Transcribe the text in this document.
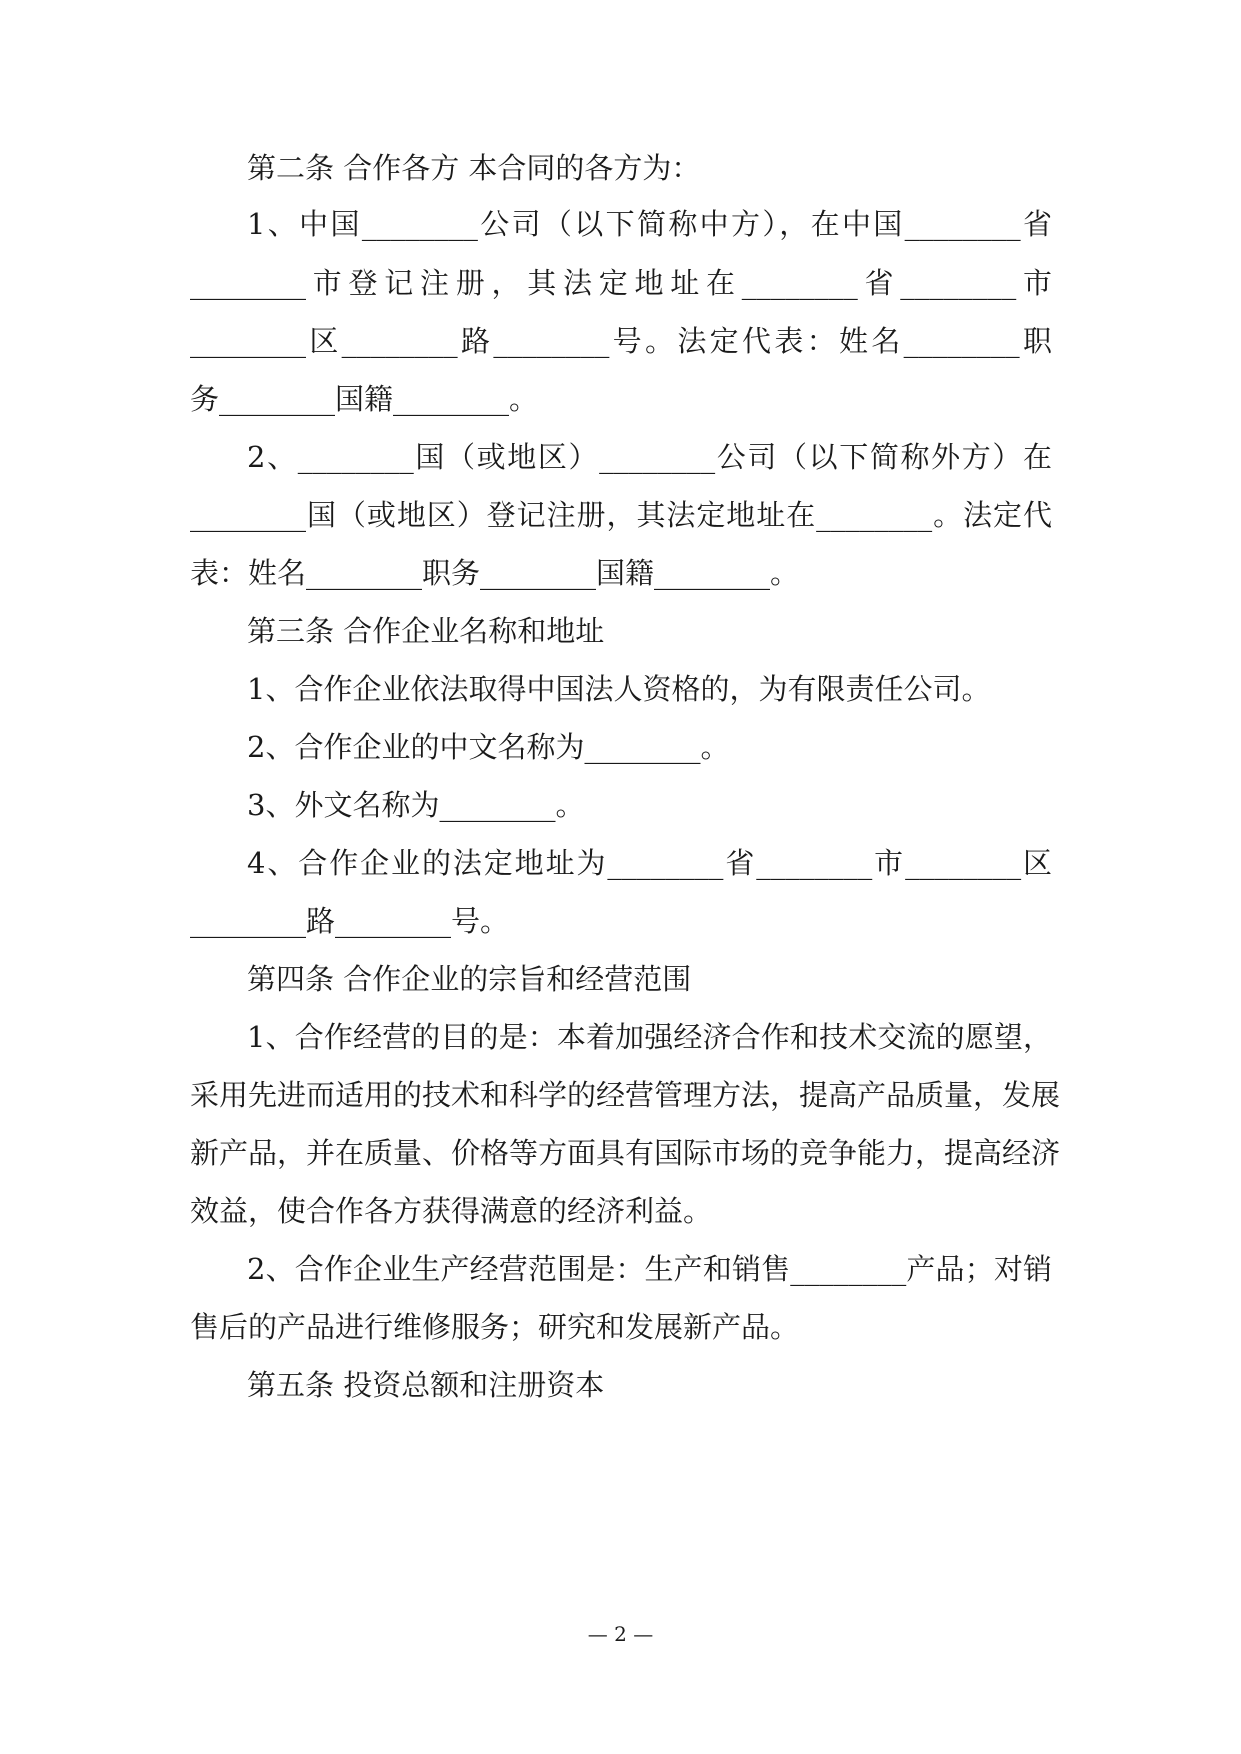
第二条 合作各方 本合同的各方为：
1、中国________公司（以下简称中方），在中国________省
________市登记注册，其法定地址在________省________市
________区________路________号。法定代表：姓名________职
务________国籍________。
2、________国（或地区）________公司（以下简称外方）在
________国（或地区）登记注册，其法定地址在________。法定代
表：姓名________职务________国籍________。
第三条 合作企业名称和地址
1、合作企业依法取得中国法人资格的，为有限责任公司。
2、合作企业的中文名称为________。
3、外文名称为________。
4、合作企业的法定地址为________省________市________区
________路________号。
第四条 合作企业的宗旨和经营范围
1、合作经营的目的是：本着加强经济合作和技术交流的愿望，
采用先进而适用的技术和科学的经营管理方法，提高产品质量，发展
新产品，并在质量、价格等方面具有国际市场的竞争能力，提高经济
效益，使合作各方获得满意的经济利益。
2、合作企业生产经营范围是：生产和销售________产品；对销
售后的产品进行维修服务；研究和发展新产品。
第五条 投资总额和注册资本
— 2 —
